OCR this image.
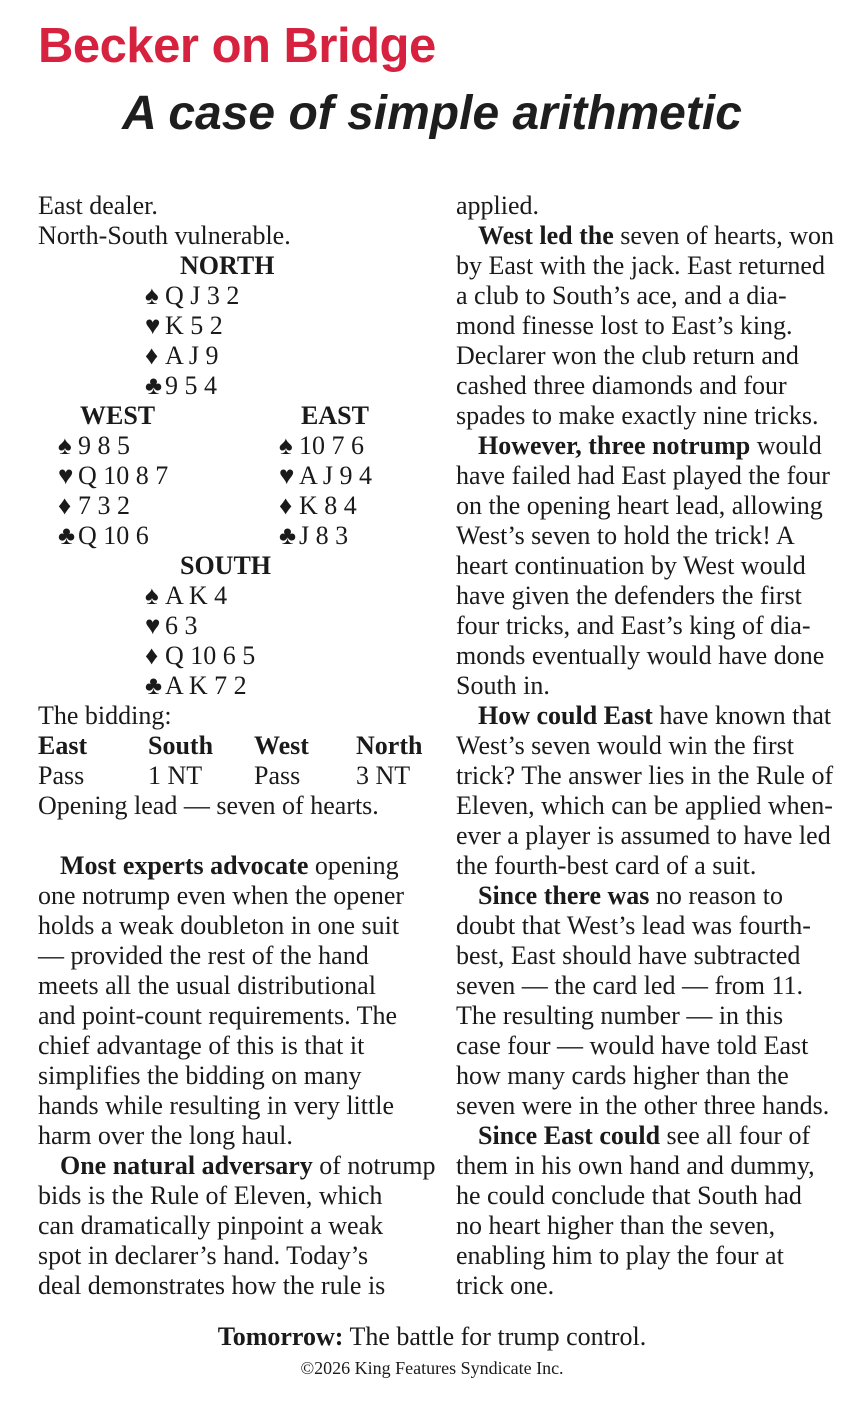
Becker on Bridge
A case of simple arithmetic
East dealer.
North-South vulnerable.
NORTH
♠ Q J 3 2
♥ K 5 2
♦ A J 9
♣ 9 5 4
WEST
♠ 9 8 5
♥ Q 10 8 7
♦ 7 3 2
♣ Q 10 6
EAST
♠ 10 7 6
♥ A J 9 4
♦ K 8 4
♣ J 8 3
SOUTH
♠ A K 4
♥ 6 3
♦ Q 10 6 5
♣ A K 7 2
The bidding:
East	South	West	North
Pass	1 NT	Pass	3 NT
Opening lead — seven of hearts.
Most experts advocate opening
one notrump even when the opener
holds a weak doubleton in one suit
— provided the rest of the hand
meets all the usual distributional
and point-count requirements. The
chief advantage of this is that it
simplifies the bidding on many
hands while resulting in very little
harm over the long haul.
One natural adversary of notrump
bids is the Rule of Eleven, which
can dramatically pinpoint a weak
spot in declarer’s hand. Today’s
deal demonstrates how the rule is
applied.
West led the seven of hearts, won
by East with the jack. East returned
a club to South’s ace, and a dia-
mond finesse lost to East’s king.
Declarer won the club return and
cashed three diamonds and four
spades to make exactly nine tricks.
However, three notrump would
have failed had East played the four
on the opening heart lead, allowing
West’s seven to hold the trick! A
heart continuation by West would
have given the defenders the first
four tricks, and East’s king of dia-
monds eventually would have done
South in.
How could East have known that
West’s seven would win the first
trick? The answer lies in the Rule of
Eleven, which can be applied when-
ever a player is assumed to have led
the fourth-best card of a suit.
Since there was no reason to
doubt that West’s lead was fourth-
best, East should have subtracted
seven — the card led — from 11.
The resulting number — in this
case four — would have told East
how many cards higher than the
seven were in the other three hands.
Since East could see all four of
them in his own hand and dummy,
he could conclude that South had
no heart higher than the seven,
enabling him to play the four at
trick one.
Tomorrow: The battle for trump control.
©2026 King Features Syndicate Inc.
